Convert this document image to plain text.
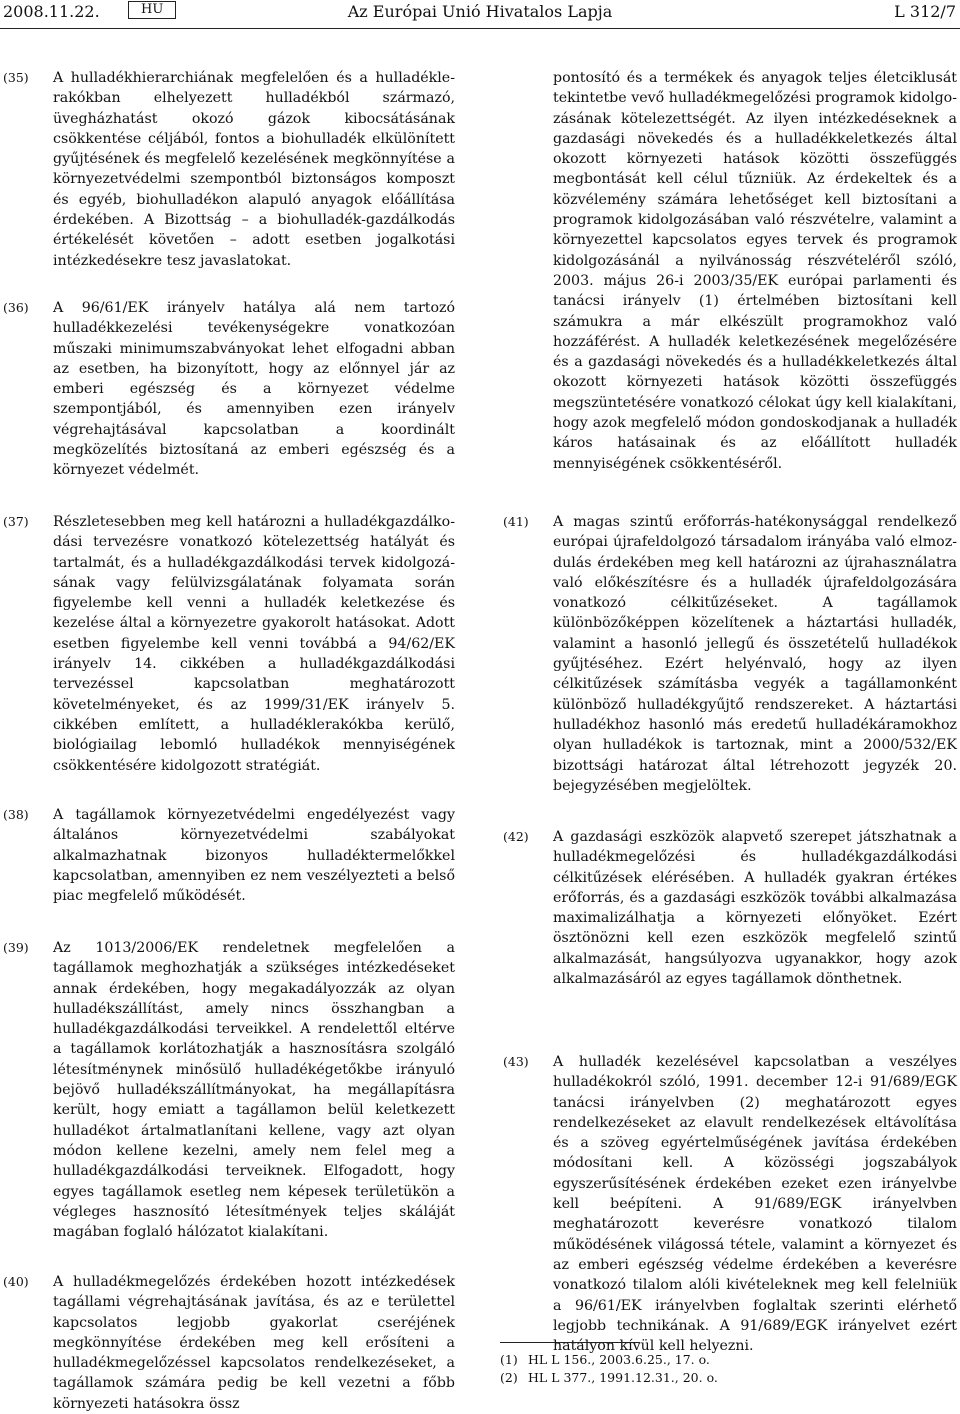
2008.11.22.	HU	Az Európai Unió Hivatalos Lapja	L 312/7
(35) A hulladékhierarchiának megfelelően és a hulladéklerakókban elhelyezett hulladékból származó, üvegházhatást okozó gázok kibocsátásának csökkentése céljából, fontos a biohulladék elkülönített gyűjtésének és megfelelő kezelésének megkönnyítése a környezetvédelmi szempontból biztonságos komposzt és egyéb, biohulladékon alapuló anyagok előállítása érdekében. A Bizottság – a biohulladék-gazdálkodás értékelését követően – adott esetben jogalkotási intézkedésekre tesz javaslatokat.
(36) A 96/61/EK irányelv hatálya alá nem tartozó hulladékkezelési tevékenységekre vonatkozóan műszaki minimumszabványokat lehet elfogadni abban az esetben, ha bizonyított, hogy az előnnyel jár az emberi egészség és a környezet védelme szempontjából, és amennyiben ezen irányelv végrehajtásával kapcsolatban a koordinált megközelítés biztosítaná az emberi egészség és a környezet védelmét.
pontosító és a termékek és anyagok teljes életciklusát tekintetbe vevő hulladékmegelőzési programok kidolgozásának kötelezettségét. Az ilyen intézkedéseknek a gazdasági növekedés és a hulladékkeletkezés által okozott környezeti hatások közötti összefüggés megbontását kell célul tűzniük. Az érdekeltek és a közvélemény számára lehetőséget kell biztosítani a programok kidolgozásában való részvételre, valamint a környezettel kapcsolatos egyes tervek és programok kidolgozásánál a nyilvánosság részvételéről szóló, 2003. május 26-i 2003/35/EK európai parlamenti és tanácsi irányelv (1) értelmében biztosítani kell számukra a már elkészült programokhoz való hozzáférést. A hulladék keletkezésének megelőzésére és a gazdasági növekedés és a hulladékkeletkezés által okozott környezeti hatások közötti összefüggés megszüntetésére vonatkozó célokat úgy kell kialakítani, hogy azok megfelelő módon gondoskodjanak a hulladék káros hatásainak és az előállított hulladék mennyiségének csökkentéséről.
(37) Részletesebben meg kell határozni a hulladékgazdálkodási tervezésre vonatkozó kötelezettség hatályát és tartalmát, és a hulladékgazdálkodási tervek kidolgozásának vagy felülvizsgálatának folyamata során figyelembe kell venni a hulladék keletkezése és kezelése által a környezetre gyakorolt hatásokat. Adott esetben figyelembe kell venni továbbá a 94/62/EK irányelv 14. cikkében a hulladékgazdálkodási tervezéssel kapcsolatban meghatározott követelményeket, és az 1999/31/EK irányelv 5. cikkében említett, a hulladéklerakókba kerülő, biológiailag lebomló hulladékok mennyiségének csökkentésére kidolgozott stratégiát.
(38) A tagállamok környezetvédelmi engedélyezést vagy általános környezetvédelmi szabályokat alkalmazhatnak bizonyos hulladéktermelőkkel kapcsolatban, amennyiben ez nem veszélyezteti a belső piac megfelelő működését.
(39) Az 1013/2006/EK rendeletnek megfelelően a tagállamok meghozhatják a szükséges intézkedéseket annak érdekében, hogy megakadályozzák az olyan hulladékszállítást, amely nincs összhangban a hulladékgazdálkodási terveikkel. A rendelettől eltérve a tagállamok korlátozhatják a hasznosításra szolgáló létesítménynek minősülő hulladékégetőkbe irányuló bejövő hulladékszállítmányokat, ha megállapításra került, hogy emiatt a tagállamon belül keletkezett hulladékot ártalmatlanítani kellene, vagy azt olyan módon kellene kezelni, amely nem felel meg a hulladékgazdálkodási terveiknek. Elfogadott, hogy egyes tagállamok esetleg nem képesek területükön a végleges hasznosító létesítmények teljes skáláját magában foglaló hálózatot kialakítani.
(40) A hulladékmegelőzés érdekében hozott intézkedések tagállami végrehajtásának javítása, és az e területtel kapcsolatos legjobb gyakorlat cseréjének megkönnyítése érdekében meg kell erősíteni a hulladékmegelőzéssel kapcsolatos rendelkezéseket, a tagállamok számára pedig be kell vezetni a főbb környezeti hatásokra össz
(41) A magas szintű erőforrás-hatékonysággal rendelkező európai újrafeldolgozó társadalom irányába való elmozdulás érdekében meg kell határozni az újrahasználatra való előkészítésre és a hulladék újrafeldolgozására vonatkozó célkitűzéseket. A tagállamok különbözőképpen közelítenek a háztartási hulladék, valamint a hasonló jellegű és összetételű hulladékok gyűjtéséhez. Ezért helyénvaló, hogy az ilyen célkitűzések számításba vegyék a tagállamonként különböző hulladékgyűjtő rendszereket. A háztartási hulladékhoz hasonló más eredetű hulladékáramokhoz olyan hulladékok is tartoznak, mint a 2000/532/EK bizottsági határozat által létrehozott jegyzék 20. bejegyzésében megjelöltek.
(42) A gazdasági eszközök alapvető szerepet játszhatnak a hulladékmegelőzési és hulladékgazdálkodási célkitűzések elérésében. A hulladék gyakran értékes erőforrás, és a gazdasági eszközök további alkalmazása maximalizálhatja a környezeti előnyöket. Ezért ösztönözni kell ezen eszközök megfelelő szintű alkalmazását, hangsúlyozva ugyanakkor, hogy azok alkalmazásáról az egyes tagállamok dönthetnek.
(43) A hulladék kezelésével kapcsolatban a veszélyes hulladékokról szóló, 1991. december 12-i 91/689/EGK tanácsi irányelvben (2) meghatározott egyes rendelkezéseket az elavult rendelkezések eltávolítása és a szöveg egyértelműségének javítása érdekében módosítani kell. A közösségi jogszabályok egyszerűsítésének érdekében ezeket ezen irányelvbe kell beépíteni. A 91/689/EGK irányelvben meghatározott keverésre vonatkozó tilalom működésének világossá tétele, valamint a környezet és az emberi egészség védelme érdekében a keverésre vonatkozó tilalom alóli kivételeknek meg kell felelniük a 96/61/EK irányelvben foglaltak szerinti elérhető legjobb technikának. A 91/689/EGK irányelvet ezért hatályon kívül kell helyezni.
(1) HL L 156., 2003.6.25., 17. o.
(2) HL L 377., 1991.12.31., 20. o.
